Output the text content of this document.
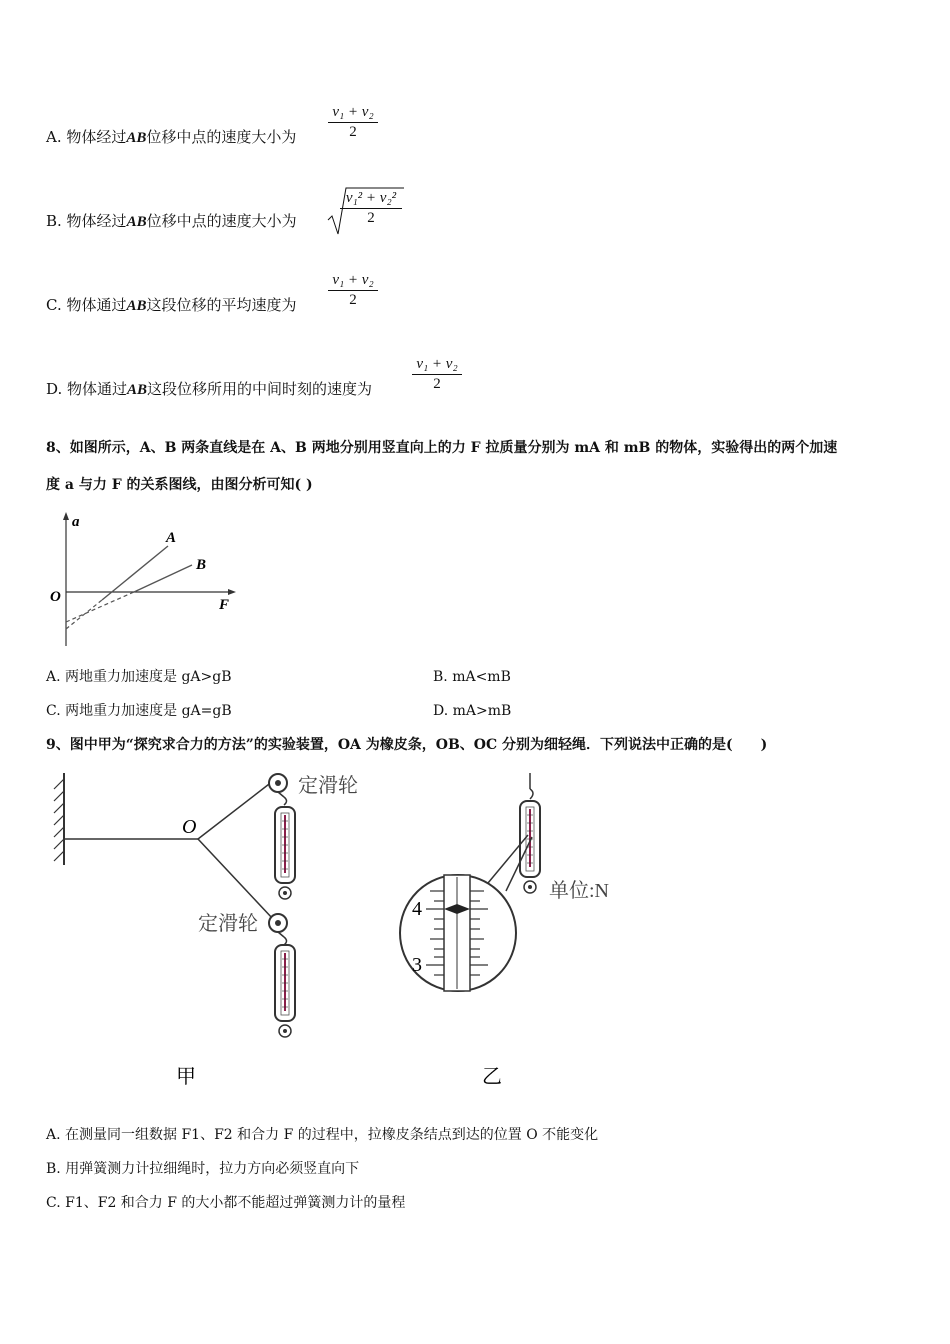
A. 物体经过AB位移中点的速度大小为 $\frac{\text{v₁ + v₂}}{2}$
B. 物体经过AB位移中点的速度大小为	$\frac{\text{v₁² + v₂²}}{2}$
C. 物体通过AB这段位移的平均速度为 $\frac{\text{v₁ + v₂}}{2}$
D. 物体通过AB这段位移所用的中间时刻的速度为	$\frac{\text{v₁ + v₂}}{2}$
8、如图所示，A、B 两条直线是在 A、B 两地分别用竖直向上的力 F 拉质量分别为 mA 和 mB 的物体，实验得出的两个加速
度 a 与力 F 的关系图线，由图分析可知( )
a
F
O
A
B
A. 两地重力加速度是 gA>gB	B. mA<mB
C. 两地重力加速度是 gA=gB	D. mA>mB
9、图中甲为“探究求合力的方法”的实验装置，OA 为橡皮条，OB、OC 分别为细轻绳．下列说法中正确的是(　　)
O
定滑轮
定滑轮
单位:N
4
3
甲	乙
A. 在测量同一组数据 F1、F2 和合力 F 的过程中，拉橡皮条结点到达的位置 O 不能变化
B. 用弹簧测力计拉细绳时，拉力方向必须竖直向下
C. F1、F2 和合力 F 的大小都不能超过弹簧测力计的量程
